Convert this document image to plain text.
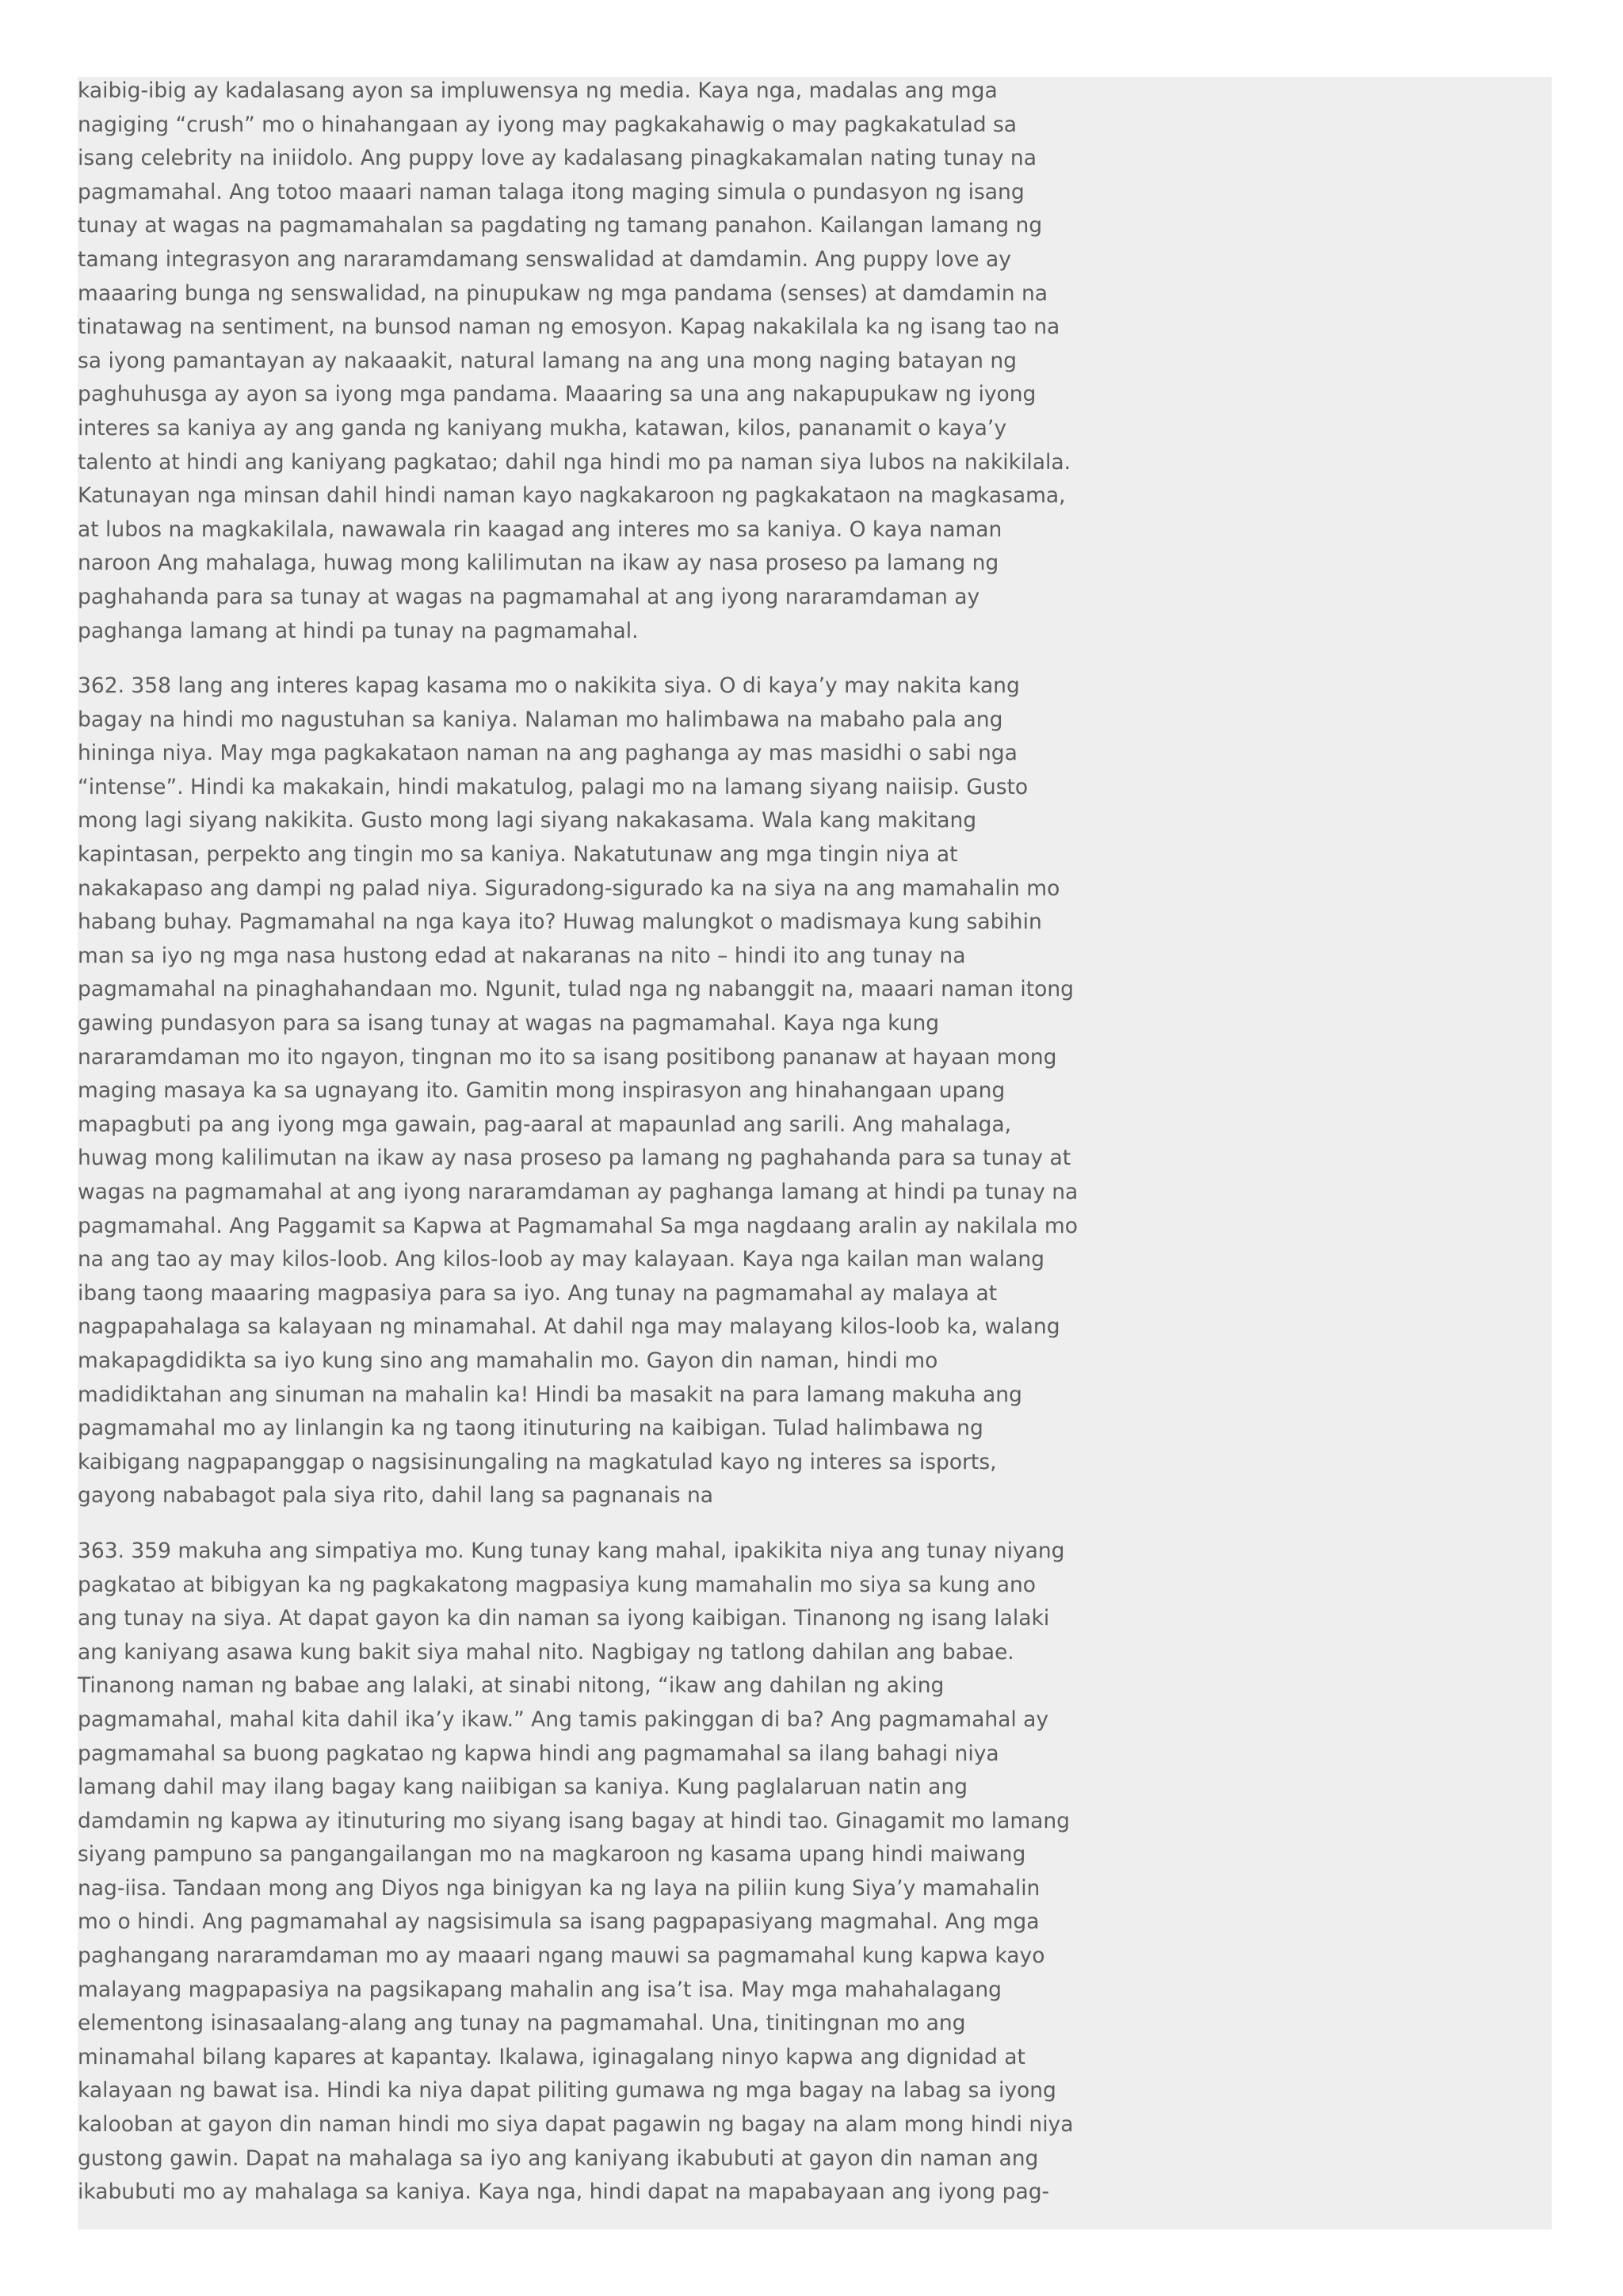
kaibig-ibig ay kadalasang ayon sa impluwensya ng media. Kaya nga, madalas ang mga
nagiging “crush” mo o hinahangaan ay iyong may pagkakahawig o may pagkakatulad sa
isang celebrity na iniidolo. Ang puppy love ay kadalasang pinagkakamalan nating tunay na
pagmamahal. Ang totoo maaari naman talaga itong maging simula o pundasyon ng isang
tunay at wagas na pagmamahalan sa pagdating ng tamang panahon. Kailangan lamang ng
tamang integrasyon ang nararamdamang senswalidad at damdamin. Ang puppy love ay
maaaring bunga ng senswalidad, na pinupukaw ng mga pandama (senses) at damdamin na
tinatawag na sentiment, na bunsod naman ng emosyon. Kapag nakakilala ka ng isang tao na
sa iyong pamantayan ay nakaaakit, natural lamang na ang una mong naging batayan ng
paghuhusga ay ayon sa iyong mga pandama. Maaaring sa una ang nakapupukaw ng iyong
interes sa kaniya ay ang ganda ng kaniyang mukha, katawan, kilos, pananamit o kaya’y
talento at hindi ang kaniyang pagkatao; dahil nga hindi mo pa naman siya lubos na nakikilala.
Katunayan nga minsan dahil hindi naman kayo nagkakaroon ng pagkakataon na magkasama,
at lubos na magkakilala, nawawala rin kaagad ang interes mo sa kaniya. O kaya naman
naroon Ang mahalaga, huwag mong kalilimutan na ikaw ay nasa proseso pa lamang ng
paghahanda para sa tunay at wagas na pagmamahal at ang iyong nararamdaman ay
paghanga lamang at hindi pa tunay na pagmamahal.

362. 358 lang ang interes kapag kasama mo o nakikita siya. O di kaya’y may nakita kang
bagay na hindi mo nagustuhan sa kaniya. Nalaman mo halimbawa na mabaho pala ang
hininga niya. May mga pagkakataon naman na ang paghanga ay mas masidhi o sabi nga
“intense”. Hindi ka makakain, hindi makatulog, palagi mo na lamang siyang naiisip. Gusto
mong lagi siyang nakikita. Gusto mong lagi siyang nakakasama. Wala kang makitang
kapintasan, perpekto ang tingin mo sa kaniya. Nakatutunaw ang mga tingin niya at
nakakapaso ang dampi ng palad niya. Siguradong-sigurado ka na siya na ang mamahalin mo
habang buhay. Pagmamahal na nga kaya ito? Huwag malungkot o madismaya kung sabihin
man sa iyo ng mga nasa hustong edad at nakaranas na nito – hindi ito ang tunay na
pagmamahal na pinaghahandaan mo. Ngunit, tulad nga ng nabanggit na, maaari naman itong
gawing pundasyon para sa isang tunay at wagas na pagmamahal. Kaya nga kung
nararamdaman mo ito ngayon, tingnan mo ito sa isang positibong pananaw at hayaan mong
maging masaya ka sa ugnayang ito. Gamitin mong inspirasyon ang hinahangaan upang
mapagbuti pa ang iyong mga gawain, pag-aaral at mapaunlad ang sarili. Ang mahalaga,
huwag mong kalilimutan na ikaw ay nasa proseso pa lamang ng paghahanda para sa tunay at
wagas na pagmamahal at ang iyong nararamdaman ay paghanga lamang at hindi pa tunay na
pagmamahal. Ang Paggamit sa Kapwa at Pagmamahal Sa mga nagdaang aralin ay nakilala mo
na ang tao ay may kilos-loob. Ang kilos-loob ay may kalayaan. Kaya nga kailan man walang
ibang taong maaaring magpasiya para sa iyo. Ang tunay na pagmamahal ay malaya at
nagpapahalaga sa kalayaan ng minamahal. At dahil nga may malayang kilos-loob ka, walang
makapagdidikta sa iyo kung sino ang mamahalin mo. Gayon din naman, hindi mo
madidiktahan ang sinuman na mahalin ka! Hindi ba masakit na para lamang makuha ang
pagmamahal mo ay linlangin ka ng taong itinuturing na kaibigan. Tulad halimbawa ng
kaibigang nagpapanggap o nagsisinungaling na magkatulad kayo ng interes sa isports,
gayong nababagot pala siya rito, dahil lang sa pagnanais na

363. 359 makuha ang simpatiya mo. Kung tunay kang mahal, ipakikita niya ang tunay niyang
pagkatao at bibigyan ka ng pagkakatong magpasiya kung mamahalin mo siya sa kung ano
ang tunay na siya. At dapat gayon ka din naman sa iyong kaibigan. Tinanong ng isang lalaki
ang kaniyang asawa kung bakit siya mahal nito. Nagbigay ng tatlong dahilan ang babae.
Tinanong naman ng babae ang lalaki, at sinabi nitong, “ikaw ang dahilan ng aking
pagmamahal, mahal kita dahil ika’y ikaw.” Ang tamis pakinggan di ba? Ang pagmamahal ay
pagmamahal sa buong pagkatao ng kapwa hindi ang pagmamahal sa ilang bahagi niya
lamang dahil may ilang bagay kang naiibigan sa kaniya. Kung paglalaruan natin ang
damdamin ng kapwa ay itinuturing mo siyang isang bagay at hindi tao. Ginagamit mo lamang
siyang pampuno sa pangangailangan mo na magkaroon ng kasama upang hindi maiwang
nag-iisa. Tandaan mong ang Diyos nga binigyan ka ng laya na piliin kung Siya’y mamahalin
mo o hindi. Ang pagmamahal ay nagsisimula sa isang pagpapasiyang magmahal. Ang mga
paghangang nararamdaman mo ay maaari ngang mauwi sa pagmamahal kung kapwa kayo
malayang magpapasiya na pagsikapang mahalin ang isa’t isa. May mga mahahalagang
elementong isinasaalang-alang ang tunay na pagmamahal. Una, tinitingnan mo ang
minamahal bilang kapares at kapantay. Ikalawa, iginagalang ninyo kapwa ang dignidad at
kalayaan ng bawat isa. Hindi ka niya dapat piliting gumawa ng mga bagay na labag sa iyong
kalooban at gayon din naman hindi mo siya dapat pagawin ng bagay na alam mong hindi niya
gustong gawin. Dapat na mahalaga sa iyo ang kaniyang ikabubuti at gayon din naman ang
ikabubuti mo ay mahalaga sa kaniya. Kaya nga, hindi dapat na mapabayaan ang iyong pag-
